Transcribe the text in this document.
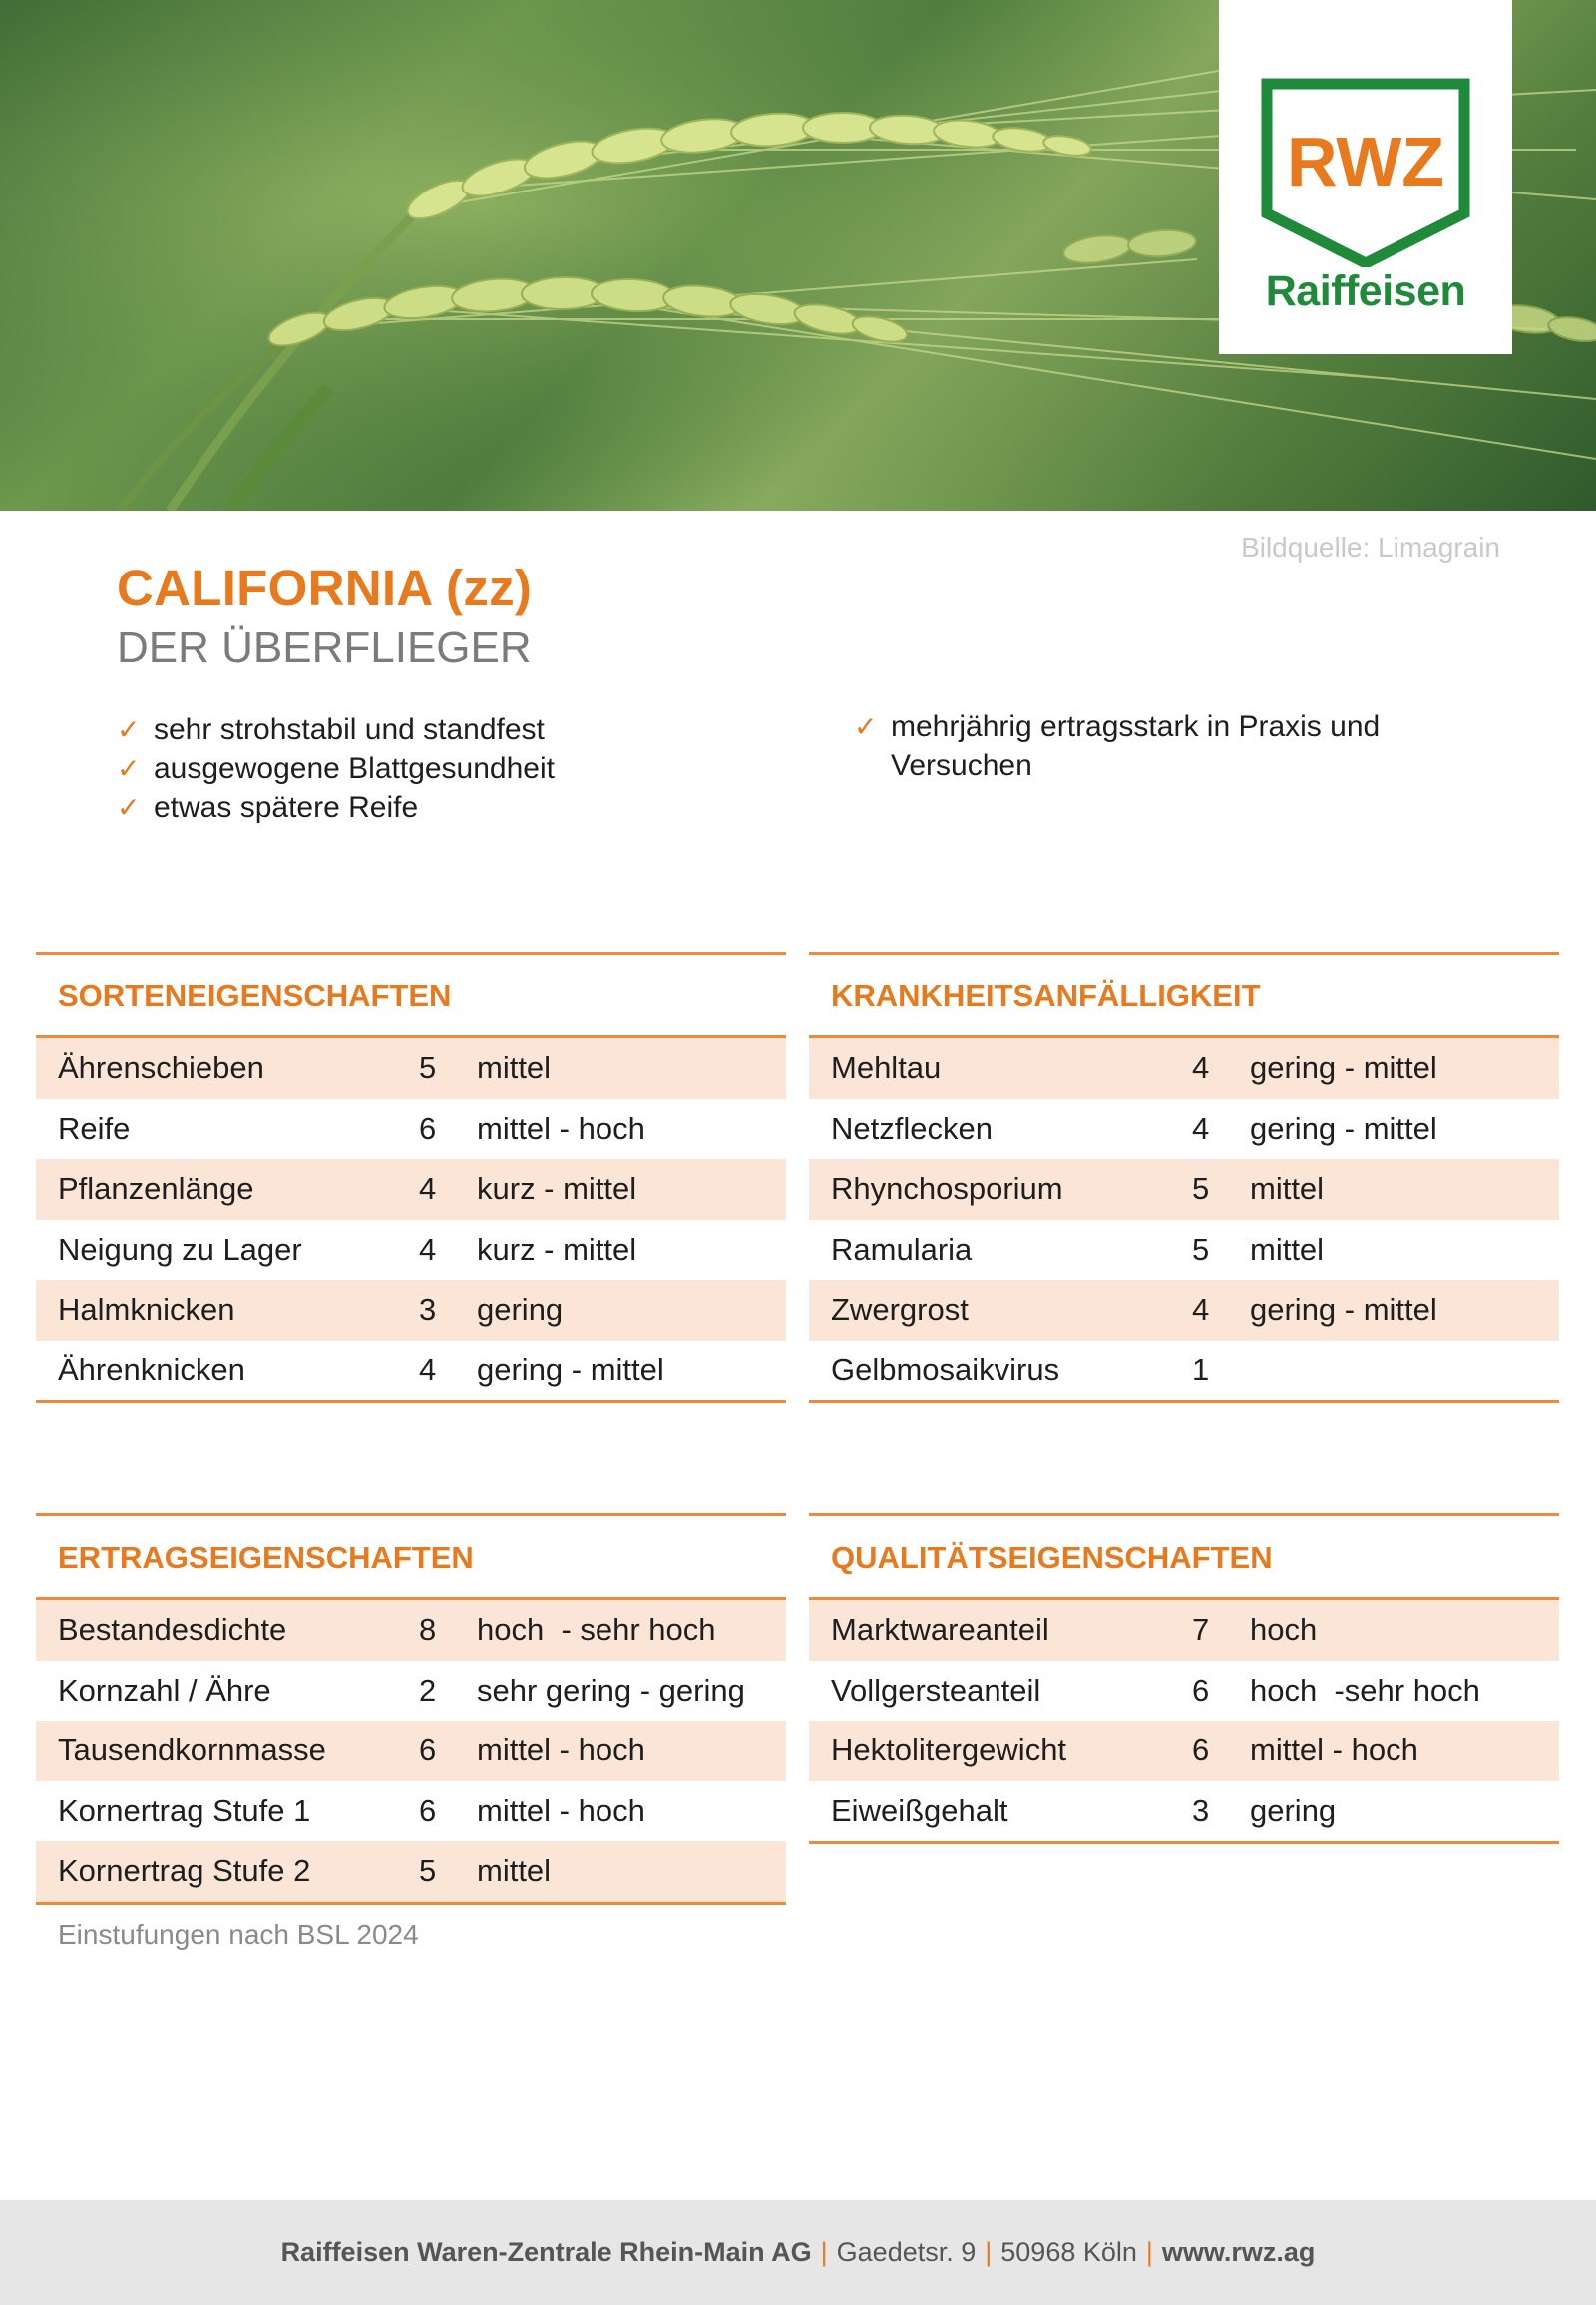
RWZ
Raiffeisen
Bildquelle: Limagrain
CALIFORNIA (zz)
DER ÜBERFLIEGER
✓ sehr strohstabil und standfest
✓ ausgewogene Blattgesundheit
✓ etwas spätere Reife
✓ mehrjährig ertragsstark in Praxis und Versuchen
SORTENEIGENSCHAFTEN
Ährenschieben	5	mittel
Reife	6	mittel - hoch
Pflanzenlänge	4	kurz - mittel
Neigung zu Lager	4	kurz - mittel
Halmknicken	3	gering
Ährenknicken	4	gering - mittel
KRANKHEITSANFÄLLIGKEIT
Mehltau	4	gering - mittel
Netzflecken	4	gering - mittel
Rhynchosporium	5	mittel
Ramularia	5	mittel
Zwergrost	4	gering - mittel
Gelbmosaikvirus	1
ERTRAGSEIGENSCHAFTEN
Bestandesdichte	8	hoch  - sehr hoch
Kornzahl / Ähre	2	sehr gering - gering
Tausendkornmasse	6	mittel - hoch
Kornertrag Stufe 1	6	mittel - hoch
Kornertrag Stufe 2	5	mittel
QUALITÄTSEIGENSCHAFTEN
Marktwareanteil	7	hoch
Vollgersteanteil	6	hoch  -sehr hoch
Hektolitergewicht	6	mittel - hoch
Eiweißgehalt	3	gering
Einstufungen nach BSL 2024
Raiffeisen Waren-Zentrale Rhein-Main AG | Gaedetsr. 9 | 50968 Köln | www.rwz.ag
